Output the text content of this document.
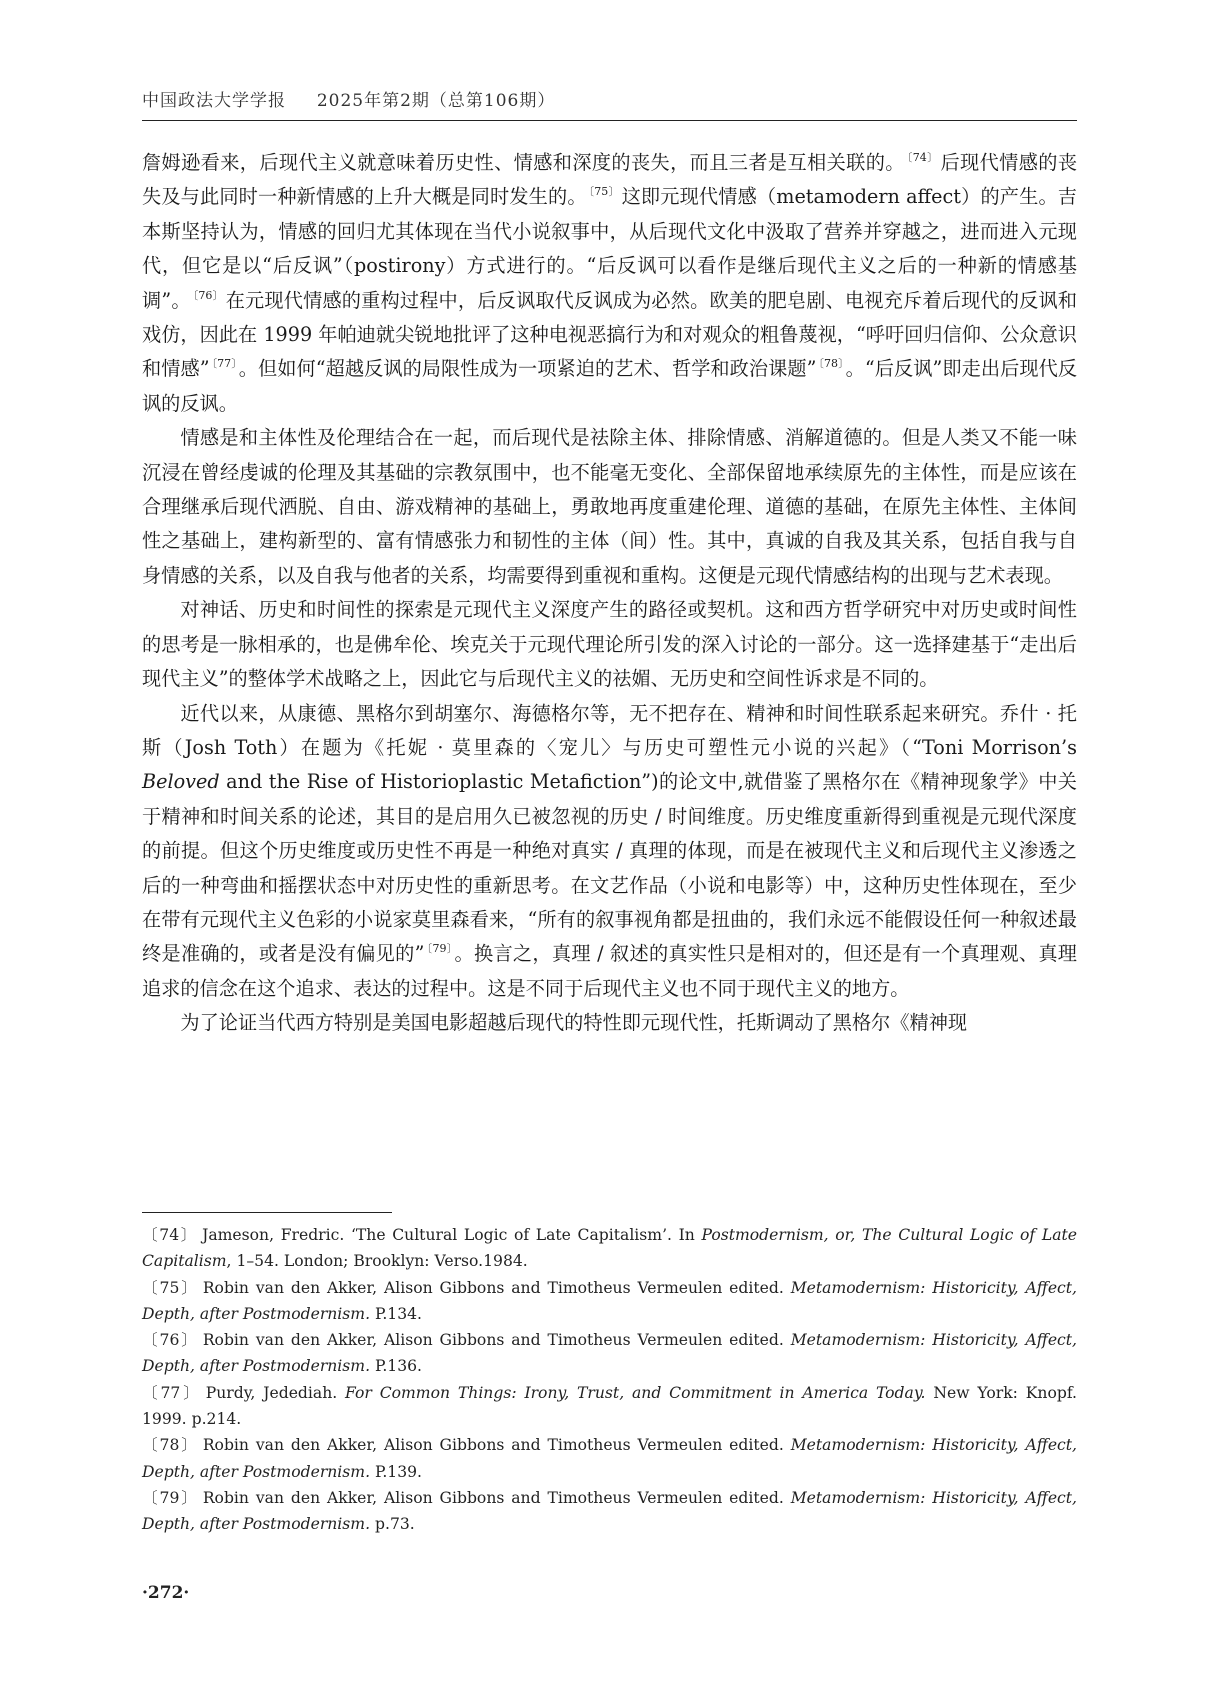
中国政法大学学报 2025年第2期（总第106期）

詹姆逊看来，后现代主义就意味着历史性、情感和深度的丧失，而且三者是互相关联的。 $^{〔74〕}$ 后现代情感的丧失及与此同时一种新情感的上升大概是同时发生的。 $^{〔75〕}$ 这即元现代情感（metamodern affect）的产生。吉本斯坚持认为，情感的回归尤其体现在当代小说叙事中，从后现代文化中汲取了营养并穿越之，进而进入元现代，但它是以“后反讽”（postirony）方式进行的。“后反讽可以看作是继后现代主义之后的一种新的情感基调”。 $^{〔76〕}$ 在元现代情感的重构过程中，后反讽取代反讽成为必然。欧美的肥皂剧、电视充斥着后现代的反讽和戏仿，因此在 1999 年帕迪就尖锐地批评了这种电视恶搞行为和对观众的粗鲁蔑视，“呼吁回归信仰、公众意识和情感” $^{〔77〕}$ 。但如何“超越反讽的局限性成为一项紧迫的艺术、哲学和政治课题” $^{〔78〕}$ 。“后反讽”即走出后现代反讽的反讽。

情感是和主体性及伦理结合在一起，而后现代是祛除主体、排除情感、消解道德的。但是人类又不能一味沉浸在曾经虔诚的伦理及其基础的宗教氛围中，也不能毫无变化、全部保留地承续原先的主体性，而是应该在合理继承后现代洒脱、自由、游戏精神的基础上，勇敢地再度重建伦理、道德的基础，在原先主体性、主体间性之基础上，建构新型的、富有情感张力和韧性的主体（间）性。其中，真诚的自我及其关系，包括自我与自身情感的关系，以及自我与他者的关系，均需要得到重视和重构。这便是元现代情感结构的出现与艺术表现。

对神话、历史和时间性的探索是元现代主义深度产生的路径或契机。这和西方哲学研究中对历史或时间性的思考是一脉相承的，也是佛牟伦、埃克关于元现代理论所引发的深入讨论的一部分。这一选择建基于“走出后现代主义”的整体学术战略之上，因此它与后现代主义的祛媚、无历史和空间性诉求是不同的。

近代以来，从康德、黑格尔到胡塞尔、海德格尔等，无不把存在、精神和时间性联系起来研究。乔什 · 托斯（Josh Toth）在题为《托妮 · 莫里森的〈宠儿〉与历史可塑性元小说的兴起》（“Toni Morrison’s Beloved and the Rise of Historioplastic Metafiction”)的论文中,就借鉴了黑格尔在《精神现象学》中关于精神和时间关系的论述，其目的是启用久已被忽视的历史 / 时间维度。历史维度重新得到重视是元现代深度的前提。但这个历史维度或历史性不再是一种绝对真实 / 真理的体现，而是在被现代主义和后现代主义渗透之后的一种弯曲和摇摆状态中对历史性的重新思考。在文艺作品（小说和电影等）中，这种历史性体现在，至少在带有元现代主义色彩的小说家莫里森看来，“所有的叙事视角都是扭曲的，我们永远不能假设任何一种叙述最终是准确的，或者是没有偏见的” $^{〔79〕}$ 。换言之，真理 / 叙述的真实性只是相对的，但还是有一个真理观、真理追求的信念在这个追求、表达的过程中。这是不同于后现代主义也不同于现代主义的地方。

为了论证当代西方特别是美国电影超越后现代的特性即元现代性，托斯调动了黑格尔《精神现

〔74〕 Jameson, Fredric. ‘The Cultural Logic of Late Capitalism’. In Postmodernism, or, The Cultural Logic of Late Capitalism, 1–54. London; Brooklyn: Verso.1984.
〔75〕 Robin van den Akker, Alison Gibbons and Timotheus Vermeulen edited. Metamodernism: Historicity, Affect, Depth, after Postmodernism. P.134.
〔76〕 Robin van den Akker, Alison Gibbons and Timotheus Vermeulen edited. Metamodernism: Historicity, Affect, Depth, after Postmodernism. P.136.
〔77〕 Purdy, Jedediah. For Common Things: Irony, Trust, and Commitment in America Today. New York: Knopf. 1999. p.214.
〔78〕 Robin van den Akker, Alison Gibbons and Timotheus Vermeulen edited. Metamodernism: Historicity, Affect, Depth, after Postmodernism. P.139.
〔79〕 Robin van den Akker, Alison Gibbons and Timotheus Vermeulen edited. Metamodernism: Historicity, Affect, Depth, after Postmodernism. p.73.
·272·
